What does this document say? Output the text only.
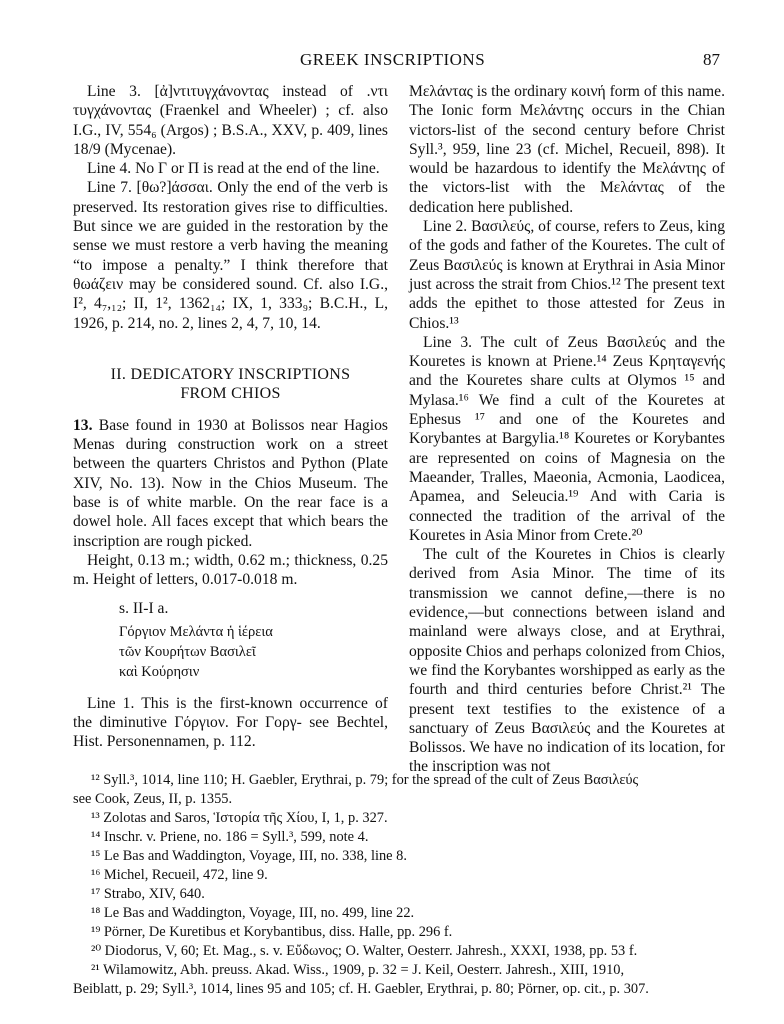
GREEK INSCRIPTIONS	87

Line 3. [ἀ]ντιτυγχάνοντας instead of .ντι τυγχάνοντας (Fraenkel and Wheeler) ; cf. also I.G., IV, 554₆ (Argos) ; B.S.A., XXV, p. 409, lines 18/9 (Mycenae).

Line 4. No Γ or Π is read at the end of the line.

Line 7. [θω?]άσσαι. Only the end of the verb is preserved. Its restoration gives rise to difficulties. But since we are guided in the restoration by the sense we must restore a verb having the meaning “to impose a penalty.” I think therefore that θωάζειν may be considered sound. Cf. also I.G., I², 4₇,₁₂; II, 1², 1362₁₄; IX, 1, 333₉; B.C.H., L, 1926, p. 214, no. 2, lines 2, 4, 7, 10, 14.

II. DEDICATORY INSCRIPTIONS
FROM CHIOS

13. Base found in 1930 at Bolissos near Hagios Menas during construction work on a street between the quarters Christos and Python (Plate XIV, No. 13). Now in the Chios Museum. The base is of white marble. On the rear face is a dowel hole. All faces except that which bears the inscription are rough picked.

Height, 0.13 m.; width, 0.62 m.; thickness, 0.25 m. Height of letters, 0.017-0.018 m.

s. II-I a.
Γόργιον Μελάντα ἡ ἱέρεια
τῶν Κουρήτων Βασιλεῖ
καὶ Κούρησιν

Line 1. This is the first-known occurrence of the diminutive Γόργιον. For Γοργ- see Bechtel, Hist. Personennamen, p. 112.

Μελάντας is the ordinary κοινή form of this name. The Ionic form Μελάντης occurs in the Chian victors-list of the second century before Christ Syll.³, 959, line 23 (cf. Michel, Recueil, 898). It would be hazardous to identify the Μελάντης of the victors-list with the Μελάντας of the dedication here published.

Line 2. Βασιλεύς, of course, refers to Zeus, king of the gods and father of the Kouretes. The cult of Zeus Βασιλεύς is known at Erythrai in Asia Minor just across the strait from Chios.¹² The present text adds the epithet to those attested for Zeus in Chios.¹³

Line 3. The cult of Zeus Βασιλεύς and the Kouretes is known at Priene.¹⁴ Zeus Κρηταγενής and the Kouretes share cults at Olymos ¹⁵ and Mylasa.¹⁶ We find a cult of the Kouretes at Ephesus ¹⁷ and one of the Kouretes and Korybantes at Bargylia.¹⁸ Kouretes or Korybantes are represented on coins of Magnesia on the Maeander, Tralles, Maeonia, Acmonia, Laodicea, Apamea, and Seleucia.¹⁹ And with Caria is connected the tradition of the arrival of the Kouretes in Asia Minor from Crete.²⁰

The cult of the Kouretes in Chios is clearly derived from Asia Minor. The time of its transmission we cannot define,—there is no evidence,—but connections between island and mainland were always close, and at Erythrai, opposite Chios and perhaps colonized from Chios, we find the Korybantes worshipped as early as the fourth and third centuries before Christ.²¹ The present text testifies to the existence of a sanctuary of Zeus Βασιλεύς and the Kouretes at Bolissos. We have no indication of its location, for the inscription was not

¹² Syll.³, 1014, line 110; H. Gaebler, Erythrai, p. 79; for the spread of the cult of Zeus Βασιλεύς

see Cook, Zeus, II, p. 1355.

¹³ Zolotas and Saros, Ἱστορία τῆς Χίου, I, 1, p. 327.

¹⁴ Inschr. v. Priene, no. 186 = Syll.³, 599, note 4.

¹⁵ Le Bas and Waddington, Voyage, III, no. 338, line 8.

¹⁶ Michel, Recueil, 472, line 9.

¹⁷ Strabo, XIV, 640.

¹⁸ Le Bas and Waddington, Voyage, III, no. 499, line 22.

¹⁹ Pörner, De Kuretibus et Korybantibus, diss. Halle, pp. 296 f.

²⁰ Diodorus, V, 60; Et. Mag., s. v. Εὔδωνος; O. Walter, Oesterr. Jahresh., XXXI, 1938, pp. 53 f.

²¹ Wilamowitz, Abh. preuss. Akad. Wiss., 1909, p. 32 = J. Keil, Oesterr. Jahresh., XIII, 1910,

Beiblatt, p. 29; Syll.³, 1014, lines 95 and 105; cf. H. Gaebler, Erythrai, p. 80; Pörner, op. cit., p. 307.
